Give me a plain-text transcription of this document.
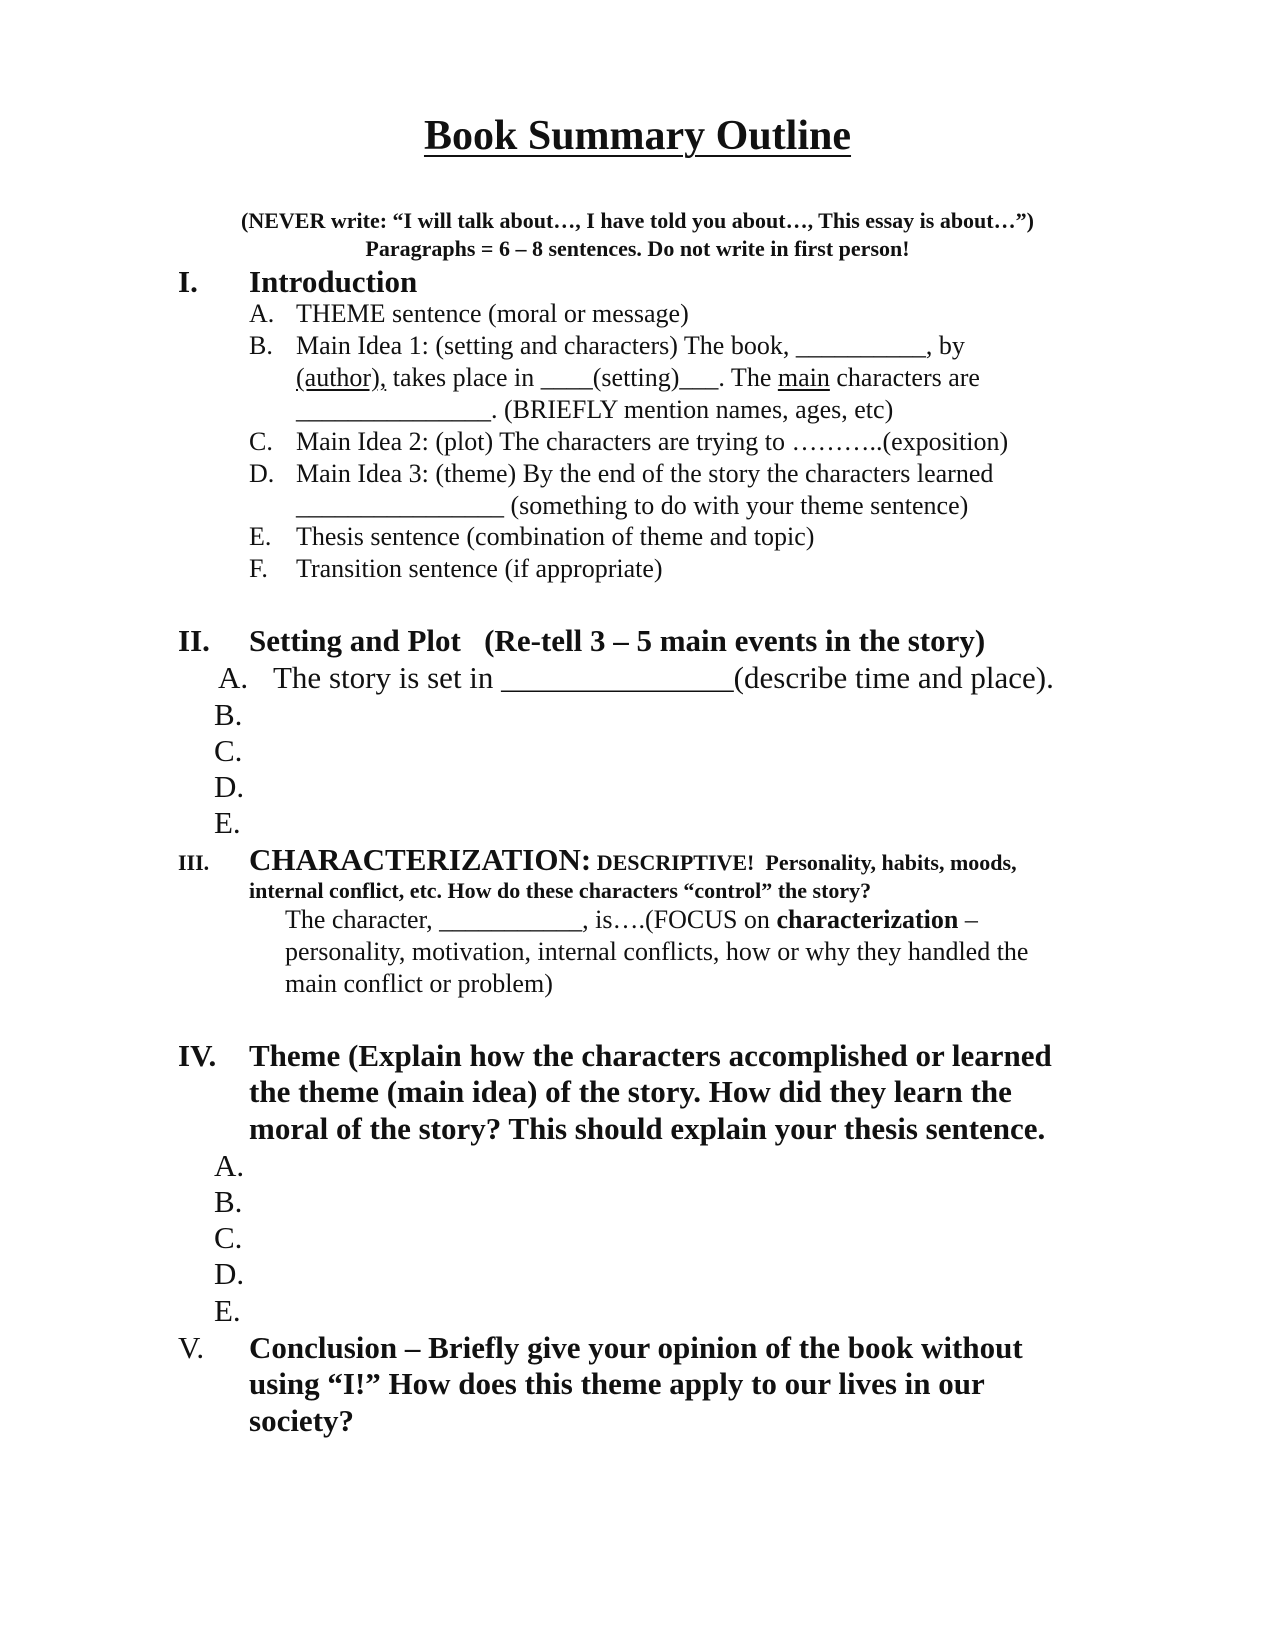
Book Summary Outline
(NEVER write: “I will talk about…, I have told you about…, This essay is about…”)
Paragraphs = 6 – 8 sentences. Do not write in first person!
I. Introduction
A. THEME sentence (moral or message)
B. Main Idea 1: (setting and characters) The book, __________, by
(author), takes place in ____(setting)___. The main characters are
_______________. (BRIEFLY mention names, ages, etc)
C. Main Idea 2: (plot) The characters are trying to ………..(exposition)
D. Main Idea 3: (theme) By the end of the story the characters learned
________________ (something to do with your theme sentence)
E. Thesis sentence (combination of theme and topic)
F. Transition sentence (if appropriate)
II. Setting and Plot   (Re-tell 3 – 5 main events in the story)
A. The story is set in _______________(describe time and place).
B.
C.
D.
E.
III. CHARACTERIZATION: DESCRIPTIVE!  Personality, habits, moods,
internal conflict, etc. How do these characters “control” the story?
The character, ___________, is….(FOCUS on characterization –
personality, motivation, internal conflicts, how or why they handled the
main conflict or problem)
IV. Theme (Explain how the characters accomplished or learned
the theme (main idea) of the story. How did they learn the
moral of the story? This should explain your thesis sentence.
A.
B.
C.
D.
E.
V. Conclusion – Briefly give your opinion of the book without
using “I!” How does this theme apply to our lives in our
society?
